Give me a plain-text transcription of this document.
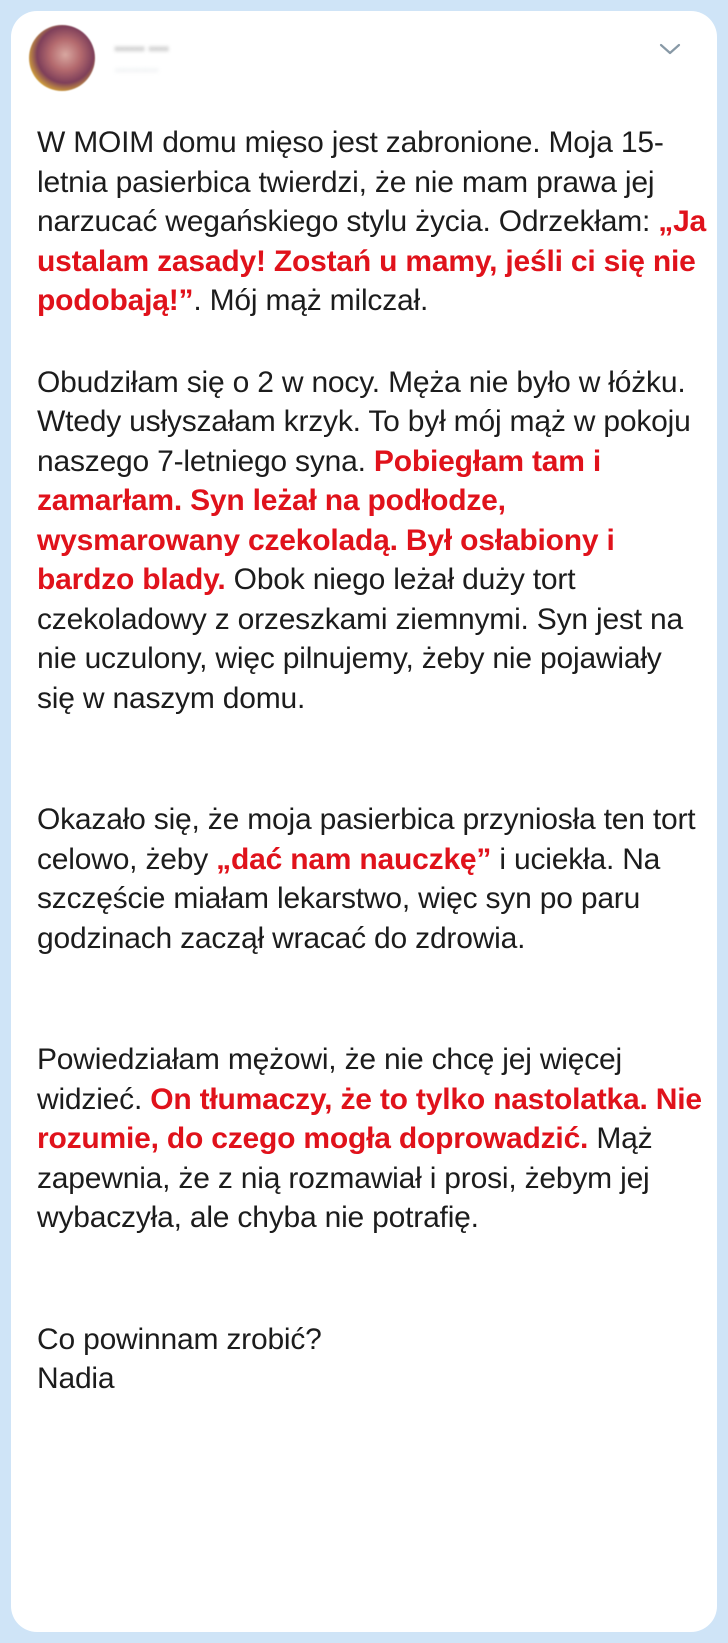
······ ····
··········

W MOIM domu mięso jest zabronione. Moja 15-letnia pasierbica twierdzi, że nie mam prawa jej narzucać wegańskiego stylu życia. Odrzekłam: „Ja ustalam zasady! Zostań u mamy, jeśli ci się nie podobają!”. Mój mąż milczał.

Obudziłam się o 2 w nocy. Męża nie było w łóżku. Wtedy usłyszałam krzyk. To był mój mąż w pokoju naszego 7-letniego syna. Pobiegłam tam i zamarłam. Syn leżał na podłodze, wysmarowany czekoladą. Był osłabiony i bardzo blady. Obok niego leżał duży tort czekoladowy z orzeszkami ziemnymi. Syn jest na nie uczulony, więc pilnujemy, żeby nie pojawiały się w naszym domu.

Okazało się, że moja pasierbica przyniosła ten tort celowo, żeby „dać nam nauczkę” i uciekła. Na szczęście miałam lekarstwo, więc syn po paru godzinach zaczął wracać do zdrowia.

Powiedziałam mężowi, że nie chcę jej więcej widzieć. On tłumaczy, że to tylko nastolatka. Nie rozumie, do czego mogła doprowadzić. Mąż zapewnia, że z nią rozmawiał i prosi, żebym jej wybaczyła, ale chyba nie potrafię.

Co powinnam zrobić?

Nadia
